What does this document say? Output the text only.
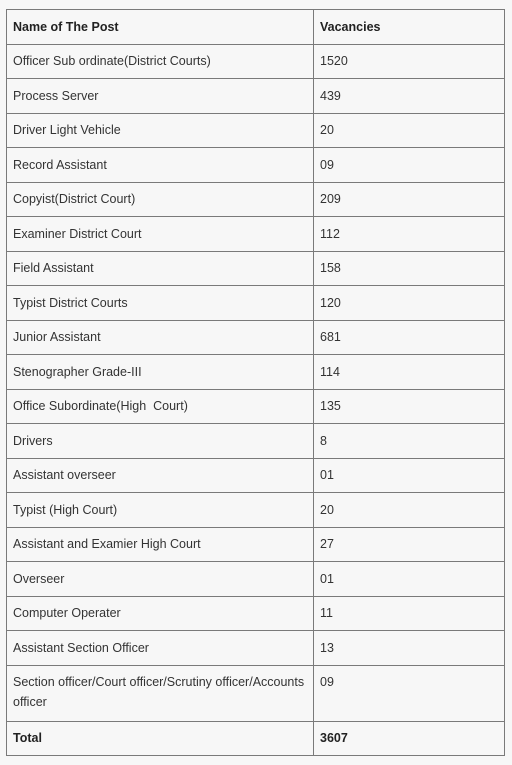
Name of The Post	Vacancies
Officer Sub ordinate(District Courts)	1520
Process Server	439
Driver Light Vehicle	20
Record Assistant	09
Copyist(District Court)	209
Examiner District Court	112
Field Assistant	158
Typist District Courts	120
Junior Assistant	681
Stenographer Grade-III	114
Office Subordinate(High  Court)	135
Drivers	8
Assistant overseer	01
Typist (High Court)	20
Assistant and Examier High Court	27
Overseer	01
Computer Operater	11
Assistant Section Officer	13
Section officer/Court officer/Scrutiny officer/Accounts officer	09
Total	3607
